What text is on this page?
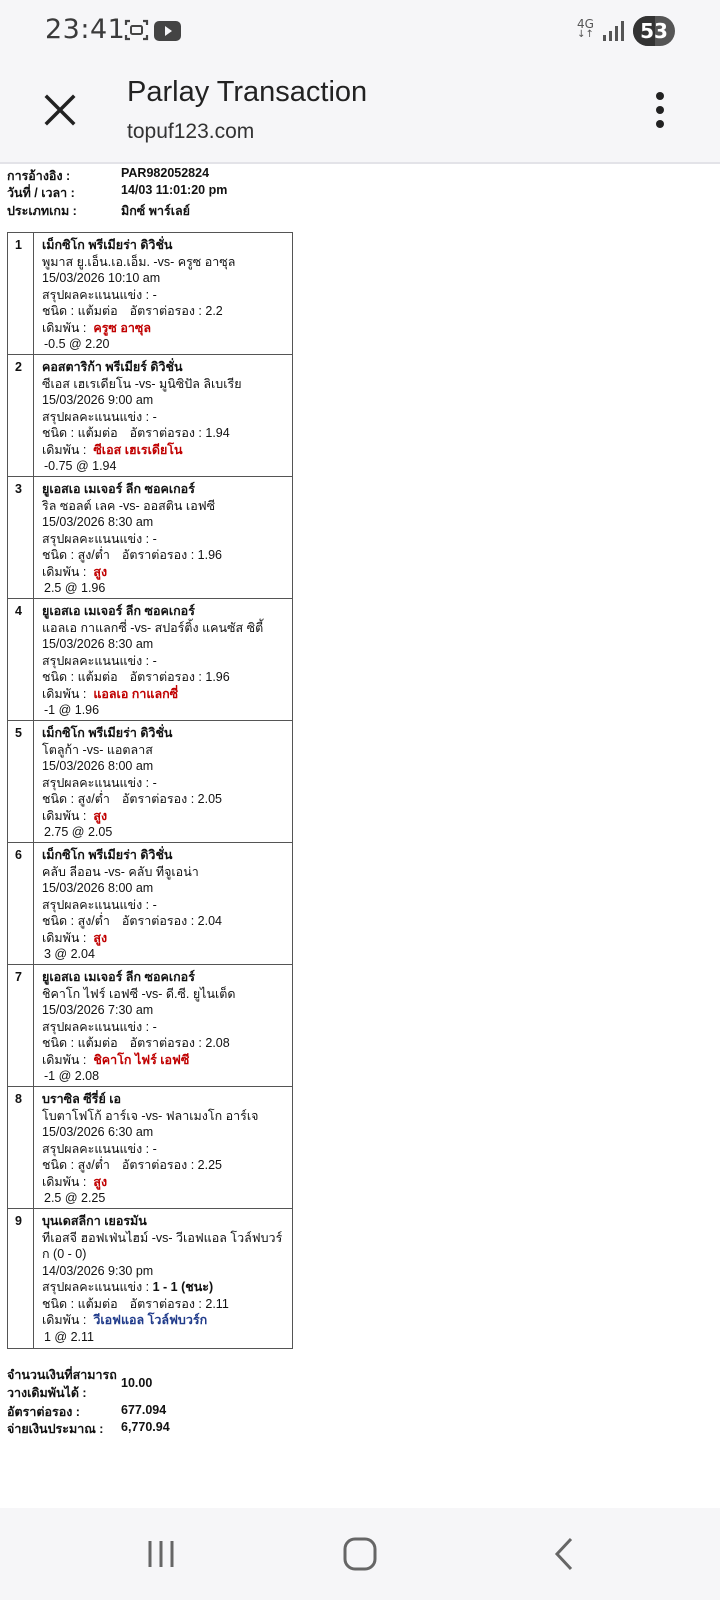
23:41	4G
↓↑	53
Parlay Transaction
topuf123.com
การอ้างอิง :	PAR982052824
วันที่ / เวลา :	14/03 11:01:20 pm
ประเภทเกม :	มิกซ์ พาร์เลย์
1	เม็กซิโก พรีเมียร่า ดิวิชั่น
พูมาส ยู.เอ็น.เอ.เอ็ม. -vs- ครูซ อาซุล
15/03/2026 10:10 am
สรุปผลคะแนนแข่ง : -
ชนิด : แต้มต่อ อัตราต่อรอง : 2.2
เดิมพัน : ครูซ อาซุล
-0.5 @ 2.20
2	คอสตาริก้า พรีเมียร์ ดิวิชั่น
ซีเอส เฮเรเดียโน -vs- มูนิซิปัล ลิเบเรีย
15/03/2026 9:00 am
สรุปผลคะแนนแข่ง : -
ชนิด : แต้มต่อ อัตราต่อรอง : 1.94
เดิมพัน : ซีเอส เฮเรเดียโน
-0.75 @ 1.94
3	ยูเอสเอ เมเจอร์ ลีก ซอคเกอร์
ริล ซอลต์ เลค -vs- ออสติน เอฟซี
15/03/2026 8:30 am
สรุปผลคะแนนแข่ง : -
ชนิด : สูง/ต่ำ อัตราต่อรอง : 1.96
เดิมพัน : สูง
2.5 @ 1.96
4	ยูเอสเอ เมเจอร์ ลีก ซอคเกอร์
แอลเอ กาแลกซี่ -vs- สปอร์ติ้ง แคนซัส ซิตี้
15/03/2026 8:30 am
สรุปผลคะแนนแข่ง : -
ชนิด : แต้มต่อ อัตราต่อรอง : 1.96
เดิมพัน : แอลเอ กาแลกซี่
-1 @ 1.96
5	เม็กซิโก พรีเมียร่า ดิวิชั่น
โตลูก้า -vs- แอตลาส
15/03/2026 8:00 am
สรุปผลคะแนนแข่ง : -
ชนิด : สูง/ต่ำ อัตราต่อรอง : 2.05
เดิมพัน : สูง
2.75 @ 2.05
6	เม็กซิโก พรีเมียร่า ดิวิชั่น
คลับ ลีออน -vs- คลับ ทีจูเอน่า
15/03/2026 8:00 am
สรุปผลคะแนนแข่ง : -
ชนิด : สูง/ต่ำ อัตราต่อรอง : 2.04
เดิมพัน : สูง
3 @ 2.04
7	ยูเอสเอ เมเจอร์ ลีก ซอคเกอร์
ชิคาโก ไฟร์ เอฟซี -vs- ดี.ซี. ยูไนเต็ด
15/03/2026 7:30 am
สรุปผลคะแนนแข่ง : -
ชนิด : แต้มต่อ อัตราต่อรอง : 2.08
เดิมพัน : ชิคาโก ไฟร์ เอฟซี
-1 @ 2.08
8	บราซิล ซีรี่ย์ เอ
โบตาโฟโก้ อาร์เจ -vs- ฟลาเมงโก อาร์เจ
15/03/2026 6:30 am
สรุปผลคะแนนแข่ง : -
ชนิด : สูง/ต่ำ อัตราต่อรอง : 2.25
เดิมพัน : สูง
2.5 @ 2.25
9	บุนเดสลีกา เยอรมัน
ทีเอสจี ฮอฟเฟ่นไฮม์ -vs- วีเอฟแอล โวล์ฟบวร์ก (0 - 0)
14/03/2026 9:30 pm
สรุปผลคะแนนแข่ง : 1 - 1 (ชนะ)
ชนิด : แต้มต่อ อัตราต่อรอง : 2.11
เดิมพัน : วีเอฟแอล โวล์ฟบวร์ก
1 @ 2.11
จำนวนเงินที่สามารถวางเดิมพันได้ :
10.00
อัตราต่อรอง :	677.094
จ่ายเงินประมาณ :	6,770.94
